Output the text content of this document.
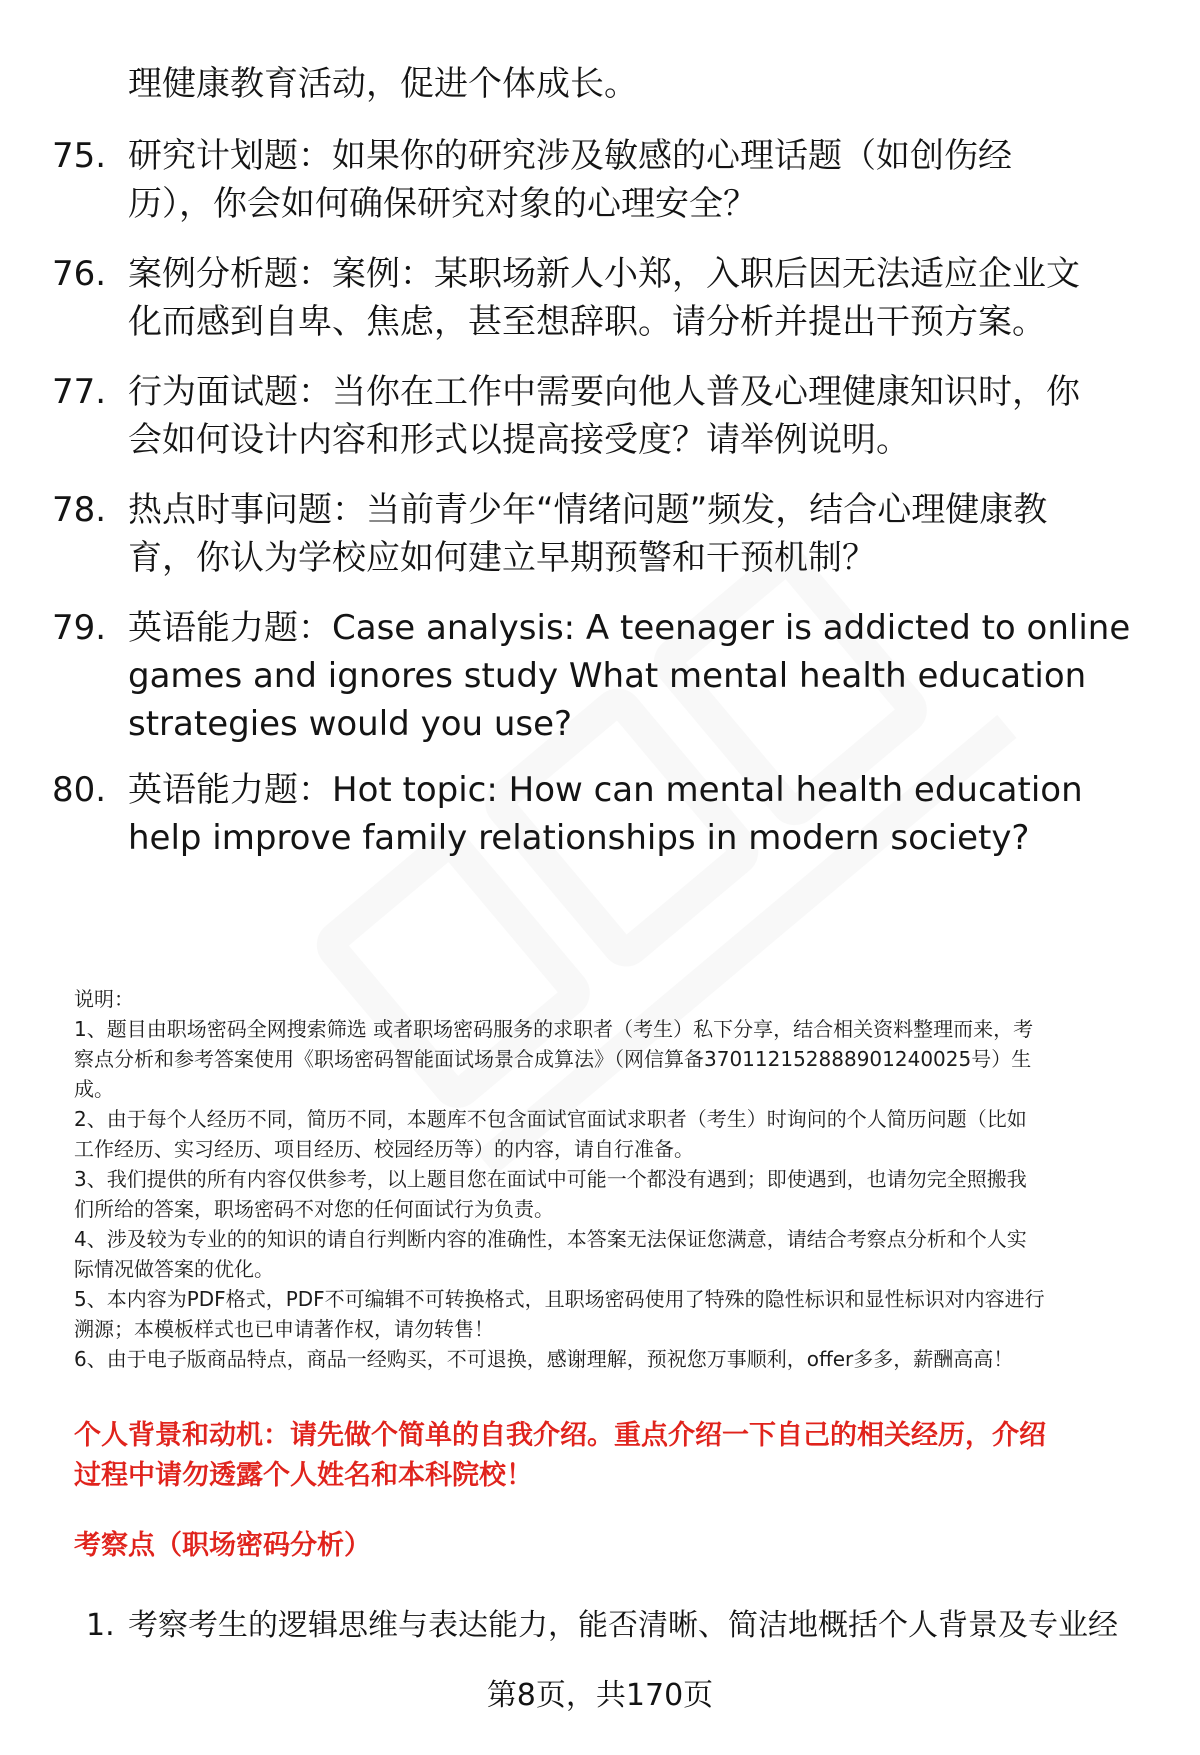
理健康教育活动，促进个体成长。
75. 研究计划题：如果你的研究涉及敏感的心理话题（如创伤经
历），你会如何确保研究对象的心理安全？
76. 案例分析题：案例：某职场新人小郑，入职后因无法适应企业文
化而感到自卑、焦虑，甚至想辞职。请分析并提出干预方案。
77. 行为面试题：当你在工作中需要向他人普及心理健康知识时，你
会如何设计内容和形式以提高接受度？请举例说明。
78. 热点时事问题：当前青少年“情绪问题”频发，结合心理健康教
育，你认为学校应如何建立早期预警和干预机制？
79. 英语能力题：Case analysis: A teenager is addicted to online
games and ignores study What mental health education
strategies would you use?
80. 英语能力题：Hot topic: How can mental health education
help improve family relationships in modern society?
说明：
1、题目由职场密码全网搜索筛选 或者职场密码服务的求职者（考生）私下分享，结合相关资料整理而来，考
察点分析和参考答案使用《职场密码智能面试场景合成算法》（网信算备370112152888901240025号）生
成。
2、由于每个人经历不同，简历不同，本题库不包含面试官面试求职者（考生）时询问的个人简历问题（比如
工作经历、实习经历、项目经历、校园经历等）的内容，请自行准备。
3、我们提供的所有内容仅供参考，以上题目您在面试中可能一个都没有遇到；即使遇到，也请勿完全照搬我
们所给的答案，职场密码不对您的任何面试行为负责。
4、涉及较为专业的的知识的请自行判断内容的准确性，本答案无法保证您满意，请结合考察点分析和个人实
际情况做答案的优化。
5、本内容为PDF格式，PDF不可编辑不可转换格式，且职场密码使用了特殊的隐性标识和显性标识对内容进行
溯源；本模板样式也已申请著作权，请勿转售！
6、由于电子版商品特点，商品一经购买，不可退换，感谢理解，预祝您万事顺利，offer多多，薪酬高高！
个人背景和动机：请先做个简单的自我介绍。重点介绍一下自己的相关经历，介绍
过程中请勿透露个人姓名和本科院校！
考察点（职场密码分析）
1. 考察考生的逻辑思维与表达能力，能否清晰、简洁地概括个人背景及专业经
第8页，共170页
